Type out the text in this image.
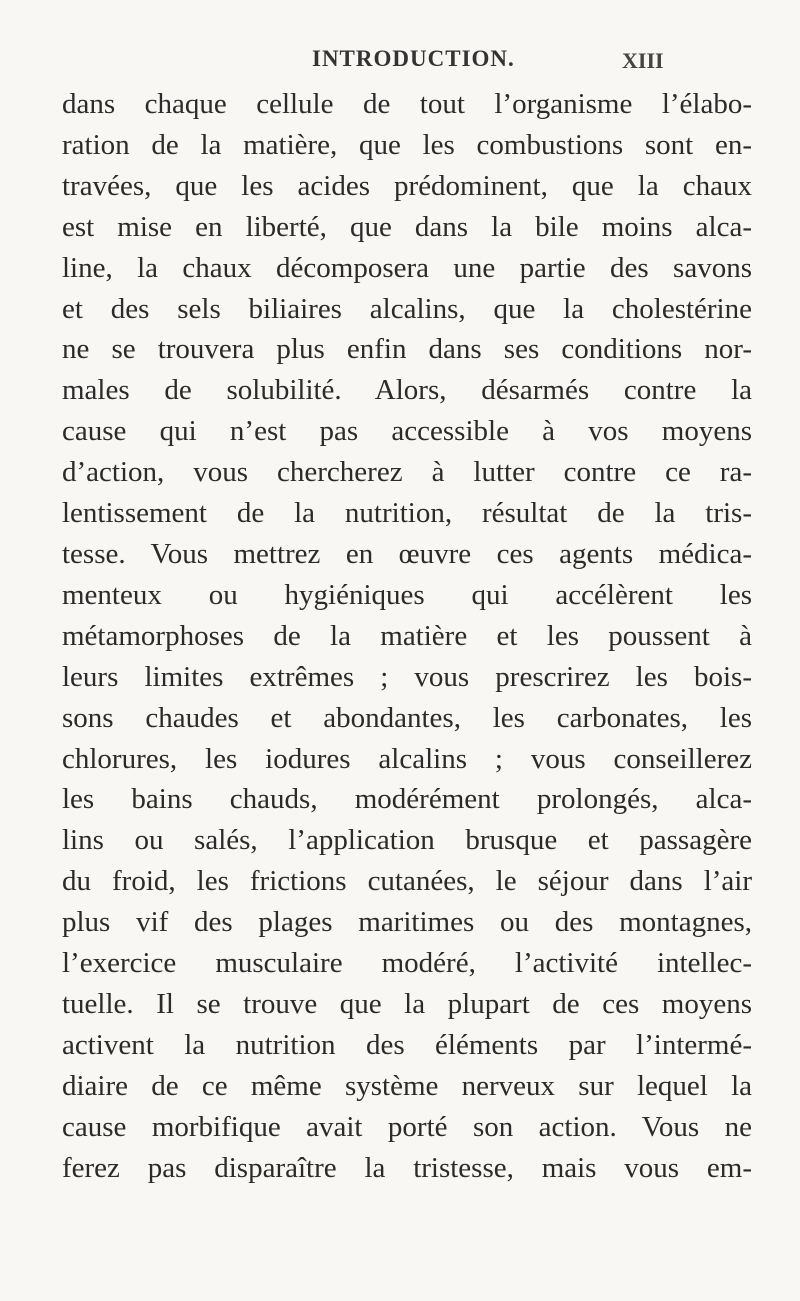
INTRODUCTION.	XIII
dans chaque cellule de tout l’organisme l’élabo-
ration de la matière, que les combustions sont en-
travées, que les acides prédominent, que la chaux
est mise en liberté, que dans la bile moins alca-
line, la chaux décomposera une partie des savons
et des sels biliaires alcalins, que la cholestérine
ne se trouvera plus enfin dans ses conditions nor-
males de solubilité. Alors, désarmés contre la
cause qui n’est pas accessible à vos moyens
d’action, vous chercherez à lutter contre ce ra-
lentissement de la nutrition, résultat de la tris-
tesse. Vous mettrez en œuvre ces agents médica-
menteux ou hygiéniques qui accélèrent les
métamorphoses de la matière et les poussent à
leurs limites extrêmes ; vous prescrirez les bois-
sons chaudes et abondantes, les carbonates, les
chlorures, les iodures alcalins ; vous conseillerez
les bains chauds, modérément prolongés, alca-
lins ou salés, l’application brusque et passagère
du froid, les frictions cutanées, le séjour dans l’air
plus vif des plages maritimes ou des montagnes,
l’exercice musculaire modéré, l’activité intellec-
tuelle. Il se trouve que la plupart de ces moyens
activent la nutrition des éléments par l’intermé-
diaire de ce même système nerveux sur lequel la
cause morbifique avait porté son action. Vous ne
ferez pas disparaître la tristesse, mais vous em-
